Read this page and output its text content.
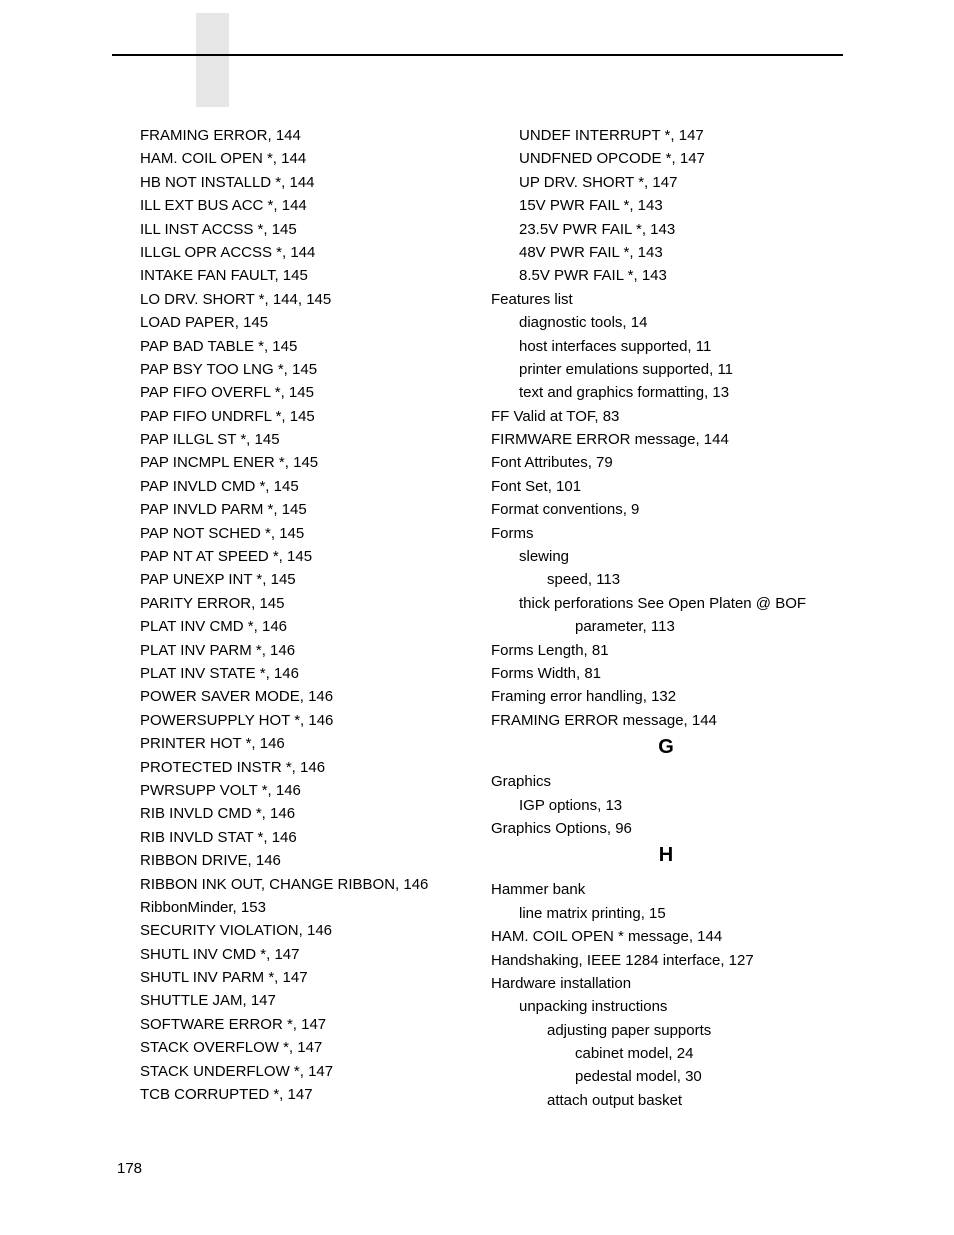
FRAMING ERROR, 144
HAM. COIL OPEN *, 144
HB NOT INSTALLD *, 144
ILL EXT BUS ACC *, 144
ILL INST ACCSS *, 145
ILLGL OPR ACCSS *, 144
INTAKE FAN FAULT, 145
LO DRV. SHORT *, 144, 145
LOAD PAPER, 145
PAP BAD TABLE *, 145
PAP BSY TOO LNG *, 145
PAP FIFO OVERFL *, 145
PAP FIFO UNDRFL *, 145
PAP ILLGL ST *, 145
PAP INCMPL ENER *, 145
PAP INVLD CMD *, 145
PAP INVLD PARM *, 145
PAP NOT SCHED *, 145
PAP NT AT SPEED *, 145
PAP UNEXP INT *, 145
PARITY ERROR, 145
PLAT INV CMD *, 146
PLAT INV PARM *, 146
PLAT INV STATE *, 146
POWER SAVER MODE, 146
POWERSUPPLY HOT *, 146
PRINTER HOT *, 146
PROTECTED INSTR *, 146
PWRSUPP VOLT *, 146
RIB INVLD CMD *, 146
RIB INVLD STAT *, 146
RIBBON DRIVE, 146
RIBBON INK OUT, CHANGE RIBBON, 146
RibbonMinder, 153
SECURITY VIOLATION, 146
SHUTL INV CMD *, 147
SHUTL INV PARM *, 147
SHUTTLE JAM, 147
SOFTWARE ERROR *, 147
STACK OVERFLOW *, 147
STACK UNDERFLOW *, 147
TCB CORRUPTED *, 147
UNDEF INTERRUPT *, 147
UNDFNED OPCODE *, 147
UP DRV. SHORT *, 147
15V PWR FAIL *, 143
23.5V PWR FAIL *, 143
48V PWR FAIL *, 143
8.5V PWR FAIL *, 143
Features list
diagnostic tools, 14
host interfaces supported, 11
printer emulations supported, 11
text and graphics formatting, 13
FF Valid at TOF, 83
FIRMWARE ERROR message, 144
Font Attributes, 79
Font Set, 101
Format conventions, 9
Forms
slewing
speed, 113
thick perforations See Open Platen @ BOF
parameter, 113
Forms Length, 81
Forms Width, 81
Framing error handling, 132
FRAMING ERROR message, 144
G
Graphics
IGP options, 13
Graphics Options, 96
H
Hammer bank
line matrix printing, 15
HAM. COIL OPEN * message, 144
Handshaking, IEEE 1284 interface, 127
Hardware installation
unpacking instructions
adjusting paper supports
cabinet model, 24
pedestal model, 30
attach output basket
178
